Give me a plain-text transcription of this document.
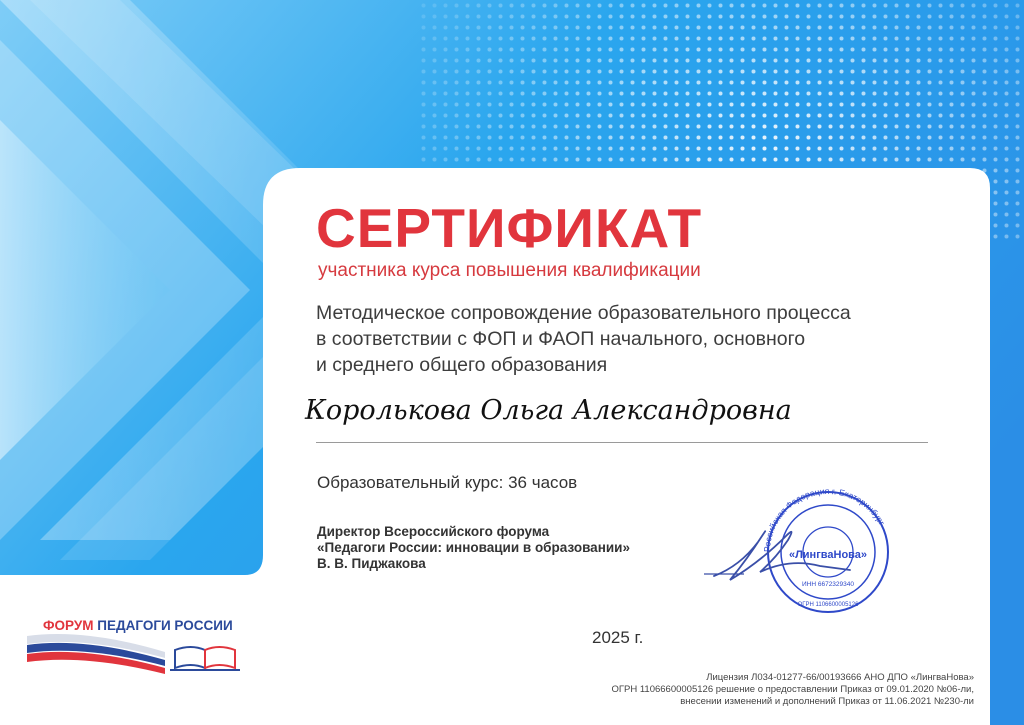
СЕРТИФИКАТ

участника курса повышения квалификации

Методическое сопровождение образовательного процесса
в соответствии с ФОП и ФАОП начального, основного
и среднего общего образования

Королькова Ольга Александровна

Образовательный курс: 36 часов

Директор Всероссийского форума
«Педагоги России: инновации в образовании»
В. В. Пиджакова

2025 г.

Лицензия Л034-01277-66/00193666 АНО ДПО «ЛингваНова»
ОГРН 11066600005126 решение о предоставлении Приказ от 09.01.2020 №06-ли,
внесении изменений и дополнений Приказ от 11.06.2021 №230-ли

ФОРУМ ПЕДАГОГИ РОССИИ

Российская Федерация г. Екатеринбург
«ЛингваНова»
ИНН 6672329340
ОГРН 1106600005126
